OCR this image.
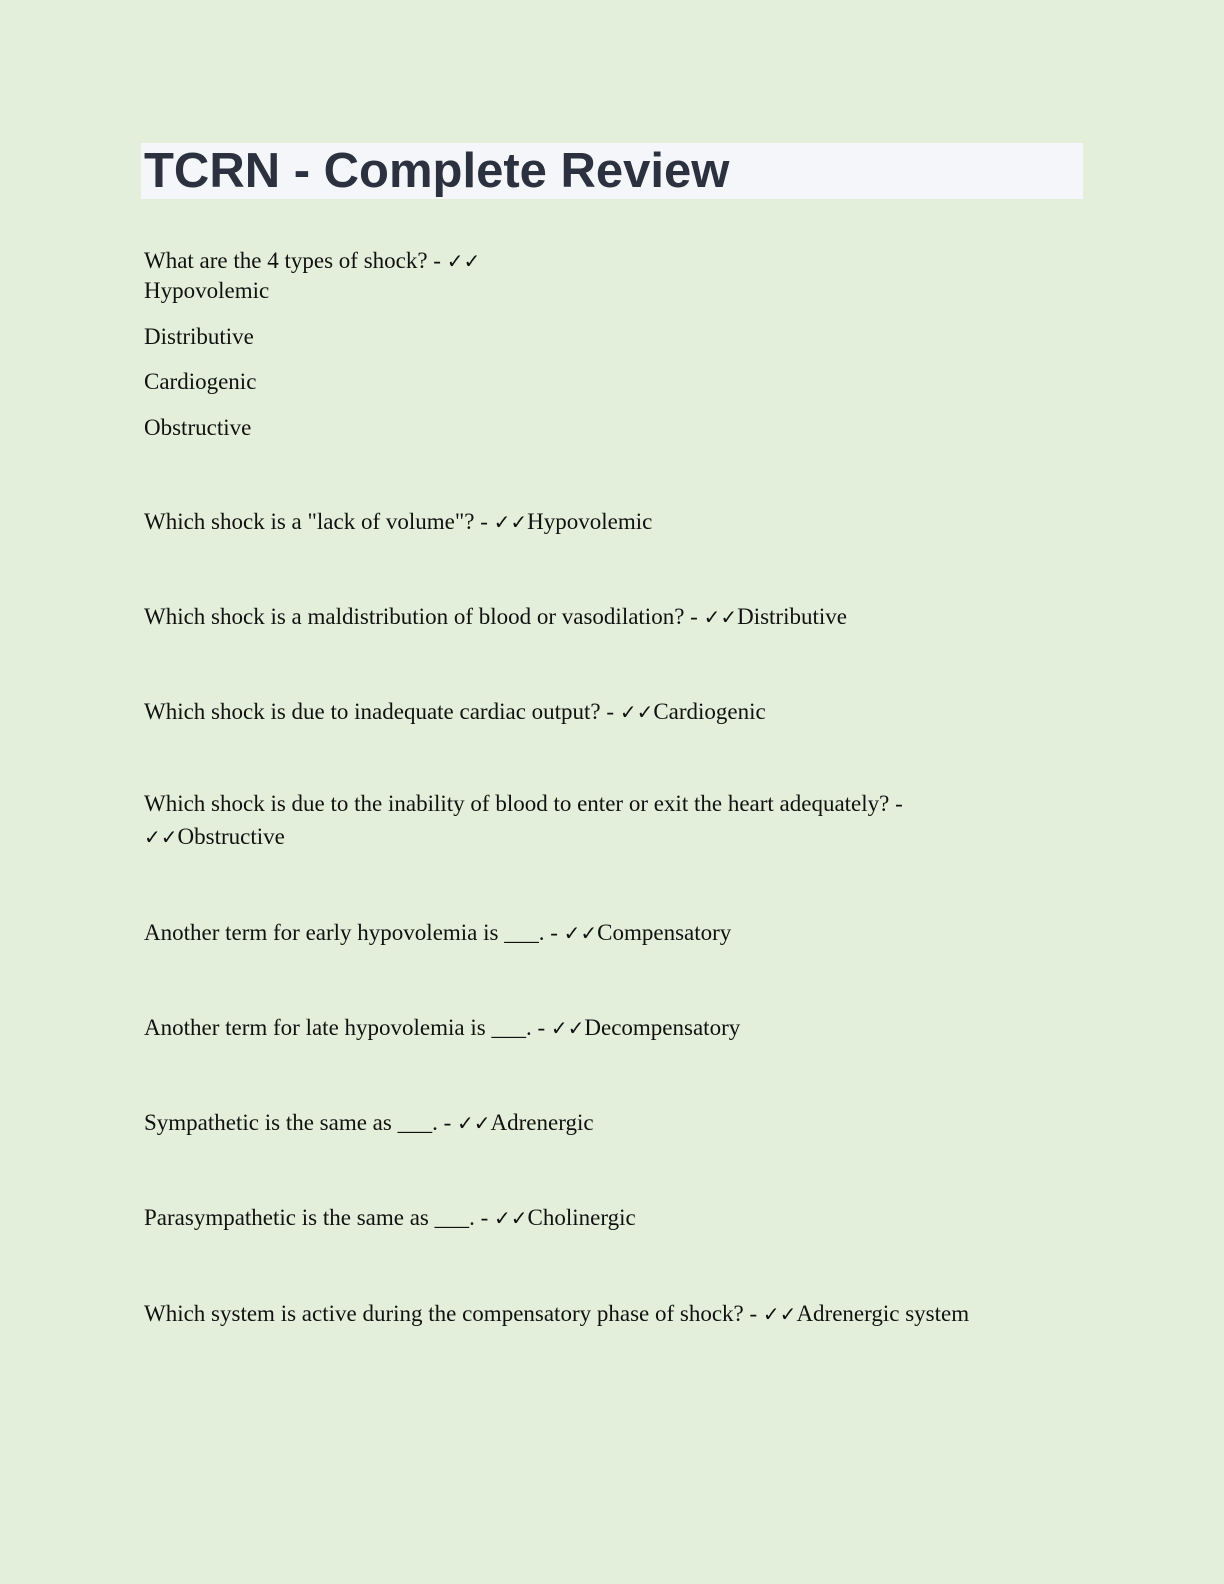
TCRN - Complete Review
What are the 4 types of shock? - ✓✓
Hypovolemic
Distributive
Cardiogenic
Obstructive
Which shock is a "lack of volume"? - ✓✓Hypovolemic
Which shock is a maldistribution of blood or vasodilation? - ✓✓Distributive
Which shock is due to inadequate cardiac output? - ✓✓Cardiogenic
Which shock is due to the inability of blood to enter or exit the heart adequately? -
✓✓Obstructive
Another term for early hypovolemia is ___. - ✓✓Compensatory
Another term for late hypovolemia is ___. - ✓✓Decompensatory
Sympathetic is the same as ___. - ✓✓Adrenergic
Parasympathetic is the same as ___. - ✓✓Cholinergic
Which system is active during the compensatory phase of shock? - ✓✓Adrenergic system
